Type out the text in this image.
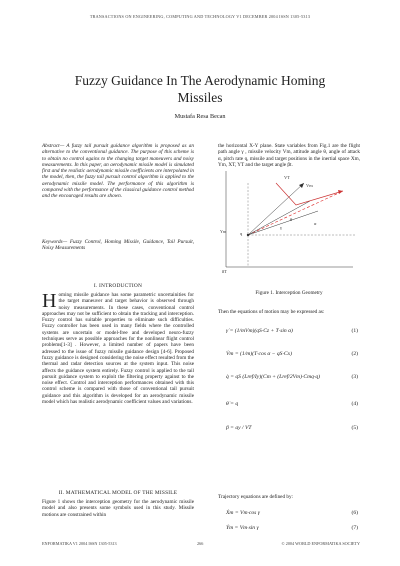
TRANSACTIONS ON ENGINEERING, COMPUTING AND TECHNOLOGY V1 DECEMBER 2004 ISSN 1305-5313
Fuzzy Guidance In The Aerodynamic Homing Missiles
Mustafa Resa Becan
Abstract— A fuzzy tail pursuit guidance algorithm is proposed as an alternative to the conventional guidance. The purpose of this scheme is to obtain no control agains to the changing target maneuvers and noisy measurements. In this paper, an aerodynamic missile model is simulated first and the realistic aerodynamic missile coefficients are interpolated in the model, then, the fuzzy tail pursuit control algorithm is applied to the aerodynamic missile model. The performance of this algorithm is compared with the performance of the classical guidance control method and the encouraged results are shown.
Keywords— Fuzzy Control, Homing Missile, Guidance, Tail Pursuit, Noisy Measurements
I. INTRODUCTION
Homing missile guidance has some parametric uncertainities for the target maneuver and target behavior is observed through noisy measurements. In these cases, conventional control approaches may not be sufficient to obtain the tracking and interception. Fuzzy control has suitable properties to eliminate such difficulties. Fuzzy controller has been used in many fields where the controlled systems are uncertain or model-free and developed neuro-fuzzy techniques serve as possible approaches for the nonlinear flight control problems[1-3] . However, a limited number of papers have been adressed to the issue of fuzzy missile guidance design [4-6]. Proposed fuzzy guidance is designed considering the noise effect resulted from the thermal and radar detection sources at the system input. This noise affects the guidance system entirely. Fuzzy control is applied to the tail pursuit guidance system to exploit the filtering property against to the noise effect. Control and interception performances obtained with this control scheme is compared with those of conventional tail pursuit guidance and this algorithm is developed for an aerodynamic missile model which has realistic aerodynamic coefficient values and variations.
II. MATHEMATICAL MODEL OF THE MISSILE
Figure 1 shows the interception geometry for the aerodynamic missile model and also presents some symbols used in this study. Missile motions are constrained within
the horizontal X-Y plane. State variables from Fig.1 are the flight path angle γ , missile velocity Vm, attitude angle θ, angle of attack α, pitch rate q, missile and target positions in the inertial space Xm, Ym, XT, YT and the target angle βt.
VT
Vm
θ
γ
α
q
βT
Ym
Figure 1. Interception Geometry
Then the equations of motion may be expressed as:
γ̇ = (1/mVm)(qS·Cz + T·sin α)	(1)
V̇m = (1/m)(T·cos α − qS·Cx)	(2)
q̇ = qS (Lref/Iy)(Cm + (Lref/2Vm)·Cmq·q)	(3)
θ̇ = q	(4)
β = ay / VT	(5)
Trajectory equations are defined by:
Ẋm = Vm·cos γ	(6)
Ẏm = Vm·sin γ	(7)
ENFORMATIKA V1 2004 ISSN 1305-5313	266	© 2004 WORLD ENFORMATIKA SOCIETY
